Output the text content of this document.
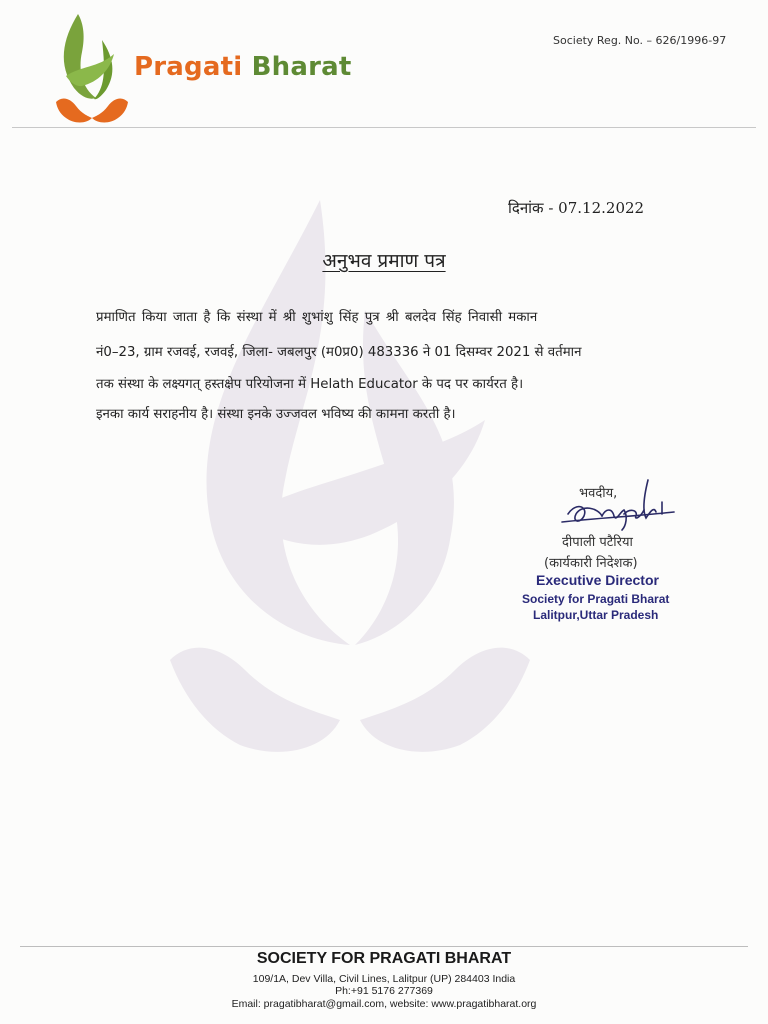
Pragati Bharat
Society Reg. No. – 626/1996-97
दिनांक - 07.12.2022
अनुभव प्रमाण पत्र
प्रमाणित किया जाता है कि संस्था में श्री शुभांशु सिंह पुत्र श्री बलदेव सिंह निवासी मकान
नं0–23, ग्राम रजवई, रजवई, जिला- जबलपुर (म0प्र0) 483336 ने 01 दिसम्वर 2021 से वर्तमान
तक संस्था के लक्ष्यगत् हस्तक्षेप परियोजना में Helath Educator के पद पर कार्यरत है।
इनका कार्य सराहनीय है। संस्था इनके उज्जवल भविष्य की कामना करती है।
भवदीय,
दीपाली पटैरिया
(कार्यकारी निदेशक)
Executive Director
Society for Pragati Bharat
Lalitpur,Uttar Pradesh
SOCIETY FOR PRAGATI BHARAT
109/1A, Dev Villa, Civil Lines, Lalitpur (UP) 284403 India
Ph:+91 5176 277369
Email: pragatibharat@gmail.com, website: www.pragatibharat.org
